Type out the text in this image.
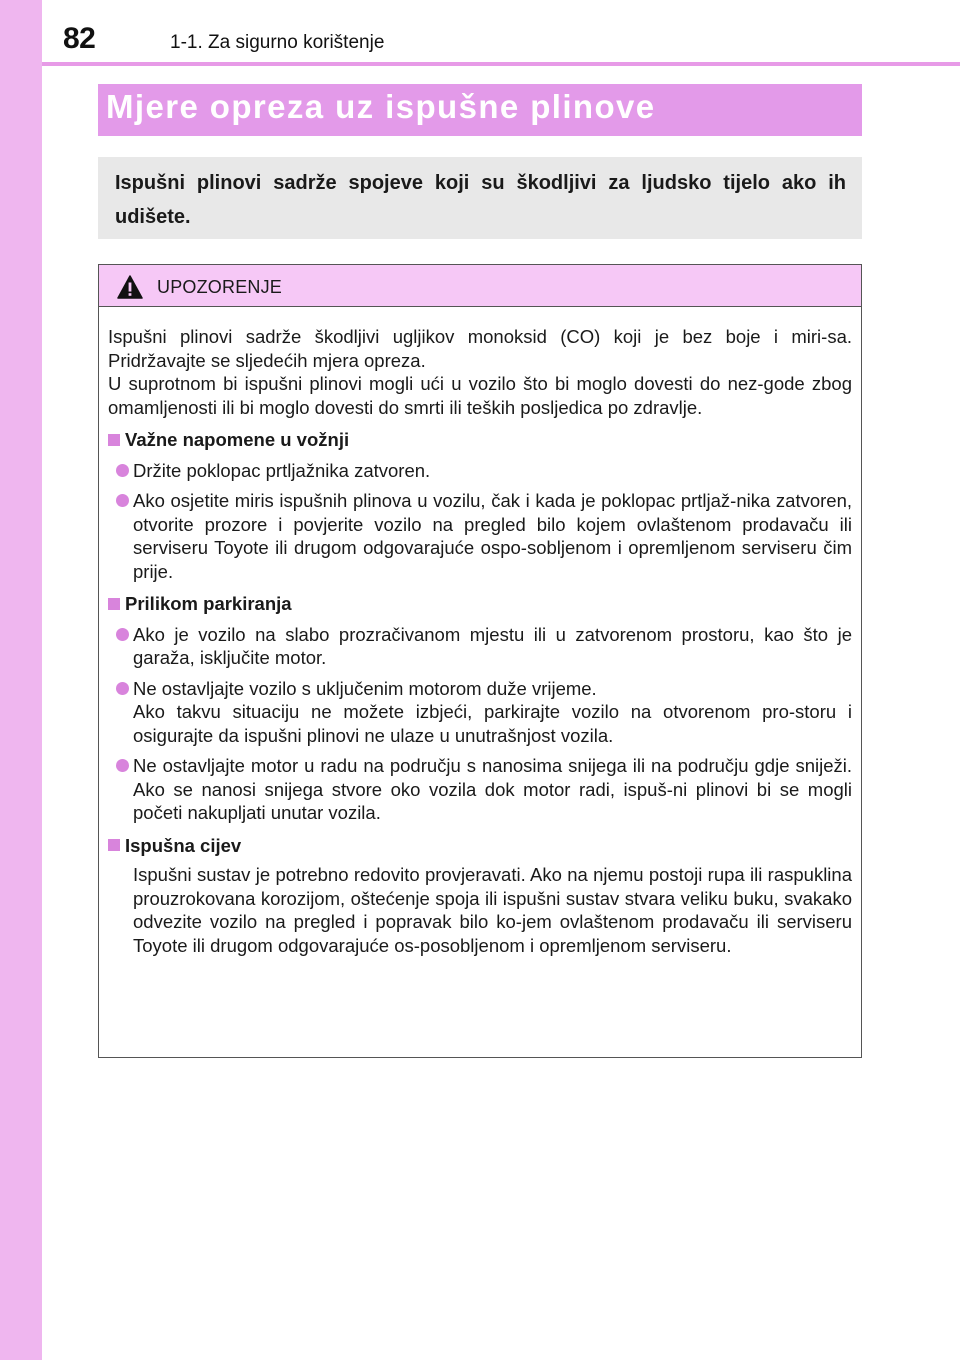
82	1-1. Za sigurno korištenje
Mjere opreza uz ispušne plinove

Ispušni plinovi sadrže spojeve koji su škodljivi za ljudsko tijelo ako ih udišete.

UPOZORENJE

Ispušni plinovi sadrže škodljivi ugljikov monoksid (CO) koji je bez boje i miri-sa. Pridržavajte se sljedećih mjera opreza.

U suprotnom bi ispušni plinovi mogli ući u vozilo što bi moglo dovesti do nez-gode zbog omamljenosti ili bi moglo dovesti do smrti ili teških posljedica po zdravlje.

Važne napomene u vožnji
Držite poklopac prtljažnika zatvoren.
Ako osjetite miris ispušnih plinova u vozilu, čak i kada je poklopac prtljaž-nika zatvoren, otvorite prozore i povjerite vozilo na pregled bilo kojem ovlaštenom prodavaču ili serviseru Toyote ili drugom odgovarajuće ospo-sobljenom i opremljenom serviseru čim prije.
Prilikom parkiranja
Ako je vozilo na slabo prozračivanom mjestu ili u zatvorenom prostoru, kao što je garaža, isključite motor.
Ne ostavljajte vozilo s uključenim motorom duže vrijeme.
Ako takvu situaciju ne možete izbjeći, parkirajte vozilo na otvorenom pro-storu i osigurajte da ispušni plinovi ne ulaze u unutrašnjost vozila.
Ne ostavljajte motor u radu na području s nanosima snijega ili na području gdje sniježi. Ako se nanosi snijega stvore oko vozila dok motor radi, ispuš-ni plinovi bi se mogli početi nakupljati unutar vozila.
Ispušna cijev

Ispušni sustav je potrebno redovito provjeravati. Ako na njemu postoji rupa ili raspuklina prouzrokovana korozijom, oštećenje spoja ili ispušni sustav stvara veliku buku, svakako odvezite vozilo na pregled i popravak bilo ko-jem ovlaštenom prodavaču ili serviseru Toyote ili drugom odgovarajuće os-posobljenom i opremljenom serviseru.
